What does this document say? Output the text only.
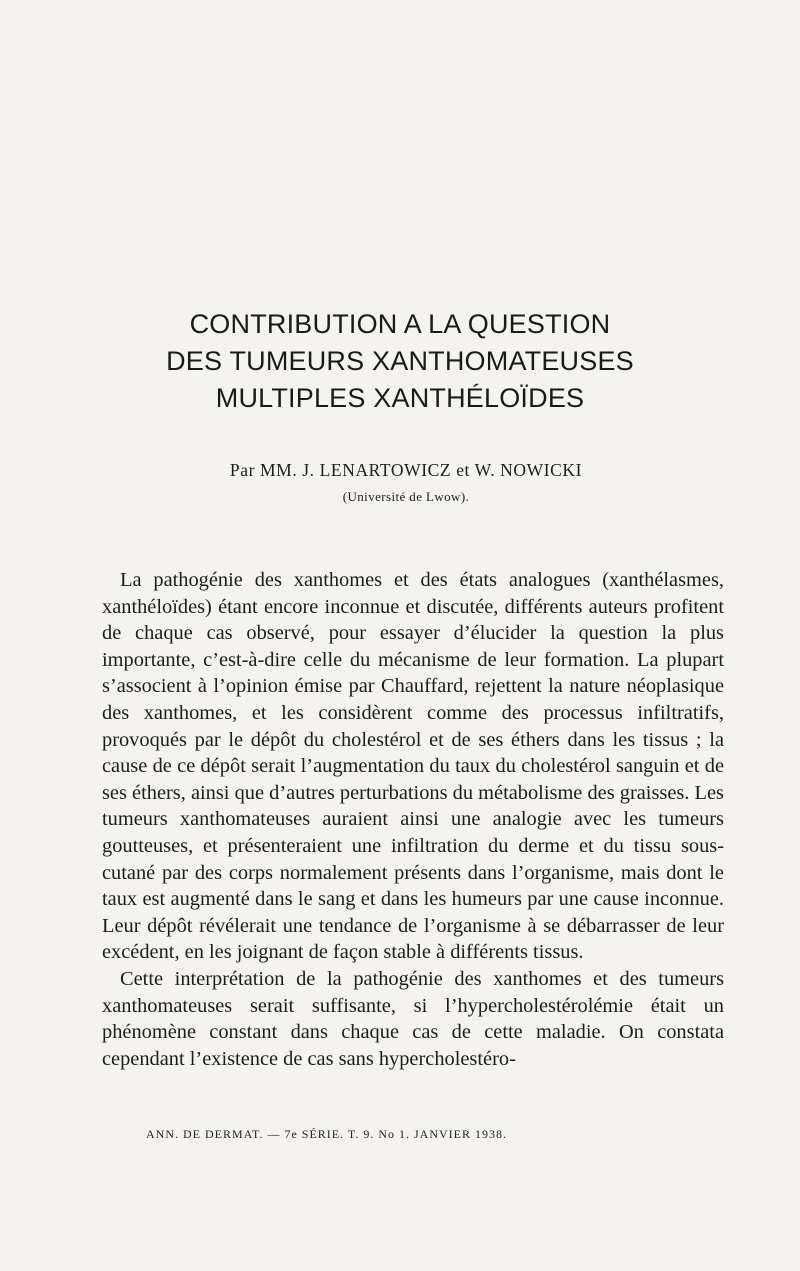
CONTRIBUTION A LA QUESTION
DES TUMEURS XANTHOMATEUSES
MULTIPLES XANTHÉLOÏDES
Par MM. J. LENARTOWICZ et W. NOWICKI
(Université de Lwow).

La pathogénie des xanthomes et des états analogues (xanthélasmes, xanthéloïdes) étant encore inconnue et discutée, différents auteurs profitent de chaque cas observé, pour essayer d’élucider la question la plus importante, c’est-à-dire celle du mécanisme de leur formation. La plupart s’associent à l’opinion émise par Chauffard, rejettent la nature néoplasique des xanthomes, et les considèrent comme des processus infiltratifs, provoqués par le dépôt du cholestérol et de ses éthers dans les tissus ; la cause de ce dépôt serait l’augmentation du taux du cholestérol sanguin et de ses éthers, ainsi que d’autres perturbations du métabolisme des graisses. Les tumeurs xanthomateuses auraient ainsi une analogie avec les tumeurs goutteuses, et présenteraient une infiltration du derme et du tissu sous-cutané par des corps normalement présents dans l’organisme, mais dont le taux est augmenté dans le sang et dans les humeurs par une cause inconnue. Leur dépôt révélerait une tendance de l’organisme à se débarrasser de leur excédent, en les joignant de façon stable à différents tissus.

Cette interprétation de la pathogénie des xanthomes et des tumeurs xanthomateuses serait suffisante, si l’hypercholestérolémie était un phénomène constant dans chaque cas de cette maladie. On constata cependant l’existence de cas sans hypercholestéro-

ANN. DE DERMAT. — 7e SÉRIE. T. 9. No 1. JANVIER 1938.
